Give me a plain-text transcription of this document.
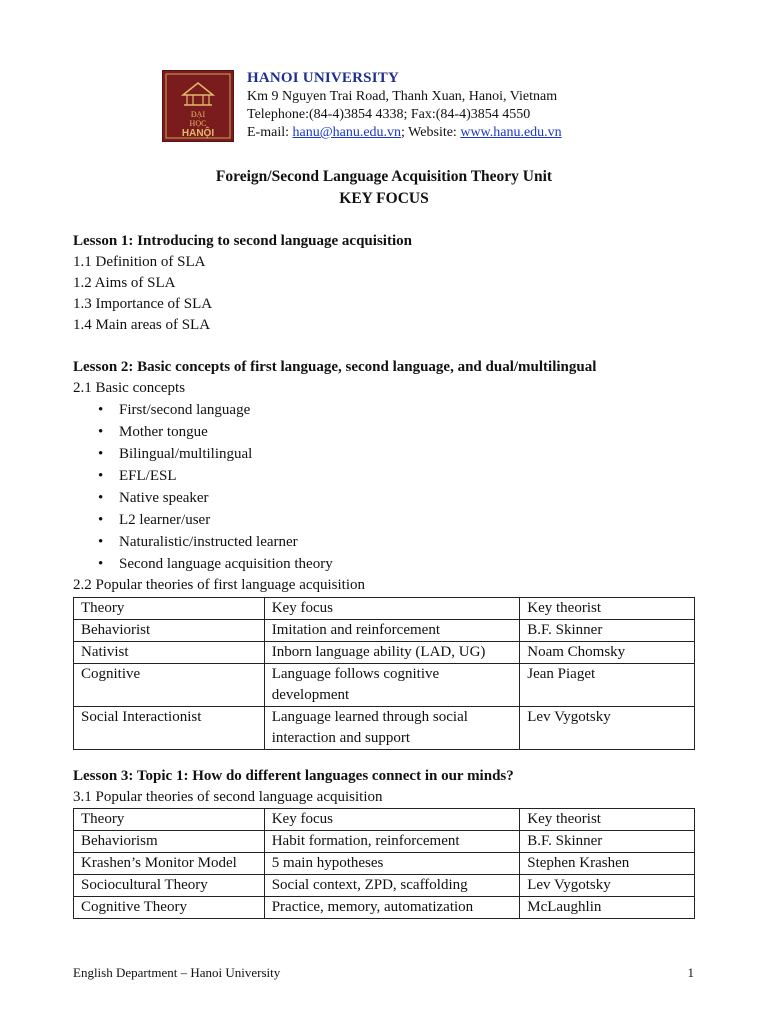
ĐẠI
HỌC
HANỘI
HANOI UNIVERSITY
Km 9 Nguyen Trai Road, Thanh Xuan, Hanoi, Vietnam
Telephone:(84-4)3854 4338; Fax:(84-4)3854 4550
E-mail: hanu@hanu.edu.vn; Website: www.hanu.edu.vn
Foreign/Second Language Acquisition Theory Unit
KEY FOCUS
Lesson 1: Introducing to second language acquisition
1.1 Definition of SLA
1.2 Aims of SLA
1.3 Importance of SLA
1.4 Main areas of SLA
Lesson 2: Basic concepts of first language, second language, and dual/multilingual
2.1 Basic concepts
• First/second language
• Mother tongue
• Bilingual/multilingual
• EFL/ESL
• Native speaker
• L2 learner/user
• Naturalistic/instructed learner
• Second language acquisition theory
2.2 Popular theories of first language acquisition
Theory	Key focus	Key theorist
Behaviorist	Imitation and reinforcement	B.F. Skinner
Nativist	Inborn language ability (LAD, UG)	Noam Chomsky
Cognitive	Language follows cognitive development	Jean Piaget
Social Interactionist	Language learned through social interaction and support	Lev Vygotsky
Lesson 3: Topic 1: How do different languages connect in our minds?
3.1 Popular theories of second language acquisition
Theory	Key focus	Key theorist
Behaviorism	Habit formation, reinforcement	B.F. Skinner
Krashen’s Monitor Model	5 main hypotheses	Stephen Krashen
Sociocultural Theory	Social context, ZPD, scaffolding	Lev Vygotsky
Cognitive Theory	Practice, memory, automatization	McLaughlin
English Department – Hanoi University	1
